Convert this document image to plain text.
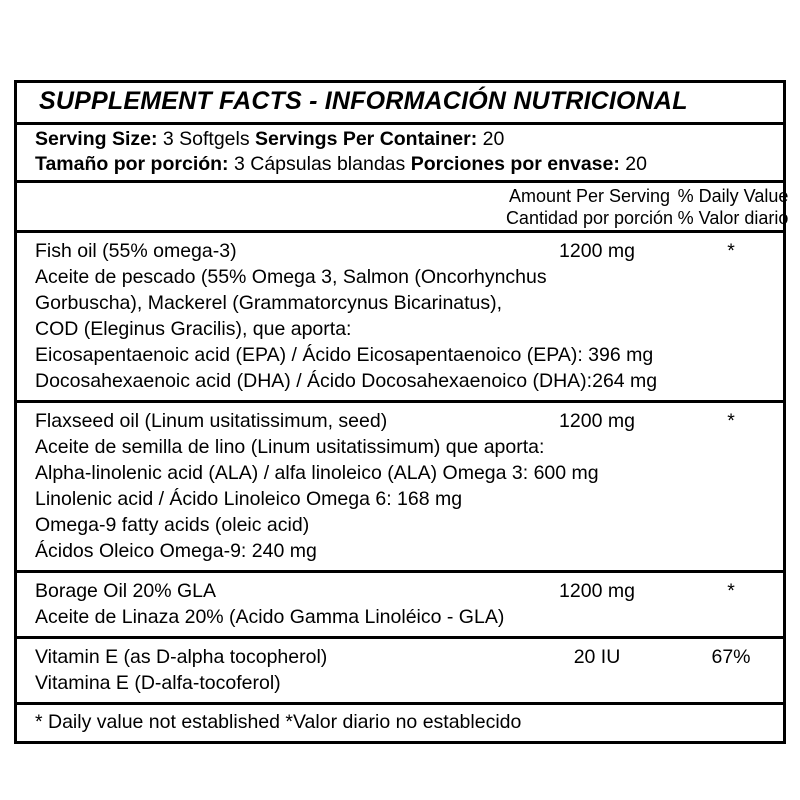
SUPPLEMENT FACTS - INFORMACIÓN NUTRICIONAL
Serving Size: 3 Softgels Servings Per Container: 20
Tamaño por porción: 3 Cápsulas blandas Porciones por envase: 20
Amount Per Serving
Cantidad por porción
% Daily Value
% Valor diario
Fish oil (55% omega-3)
Aceite de pescado (55% Omega 3, Salmon (Oncorhynchus
Gorbuscha), Mackerel (Grammatorcynus Bicarinatus),
COD (Eleginus Gracilis), que aporta:
Eicosapentaenoic acid (EPA) / Ácido Eicosapentaenoico (EPA): 396 mg
Docosahexaenoic acid (DHA) / Ácido Docosahexaenoico (DHA):264 mg
1200 mg	*
Flaxseed oil (Linum usitatissimum, seed)
Aceite de semilla de lino (Linum usitatissimum) que aporta:
Alpha-linolenic acid (ALA) / alfa linoleico (ALA) Omega 3: 600 mg
Linolenic acid / Ácido Linoleico Omega 6: 168 mg
Omega-9 fatty acids (oleic acid)
Ácidos Oleico Omega-9: 240 mg
1200 mg	*
Borage Oil 20% GLA
Aceite de Linaza 20% (Acido Gamma Linoléico - GLA)
1200 mg	*
Vitamin E (as D-alpha tocopherol)
Vitamina E (D-alfa-tocoferol)
20 IU	67%
* Daily value not established *Valor diario no establecido
